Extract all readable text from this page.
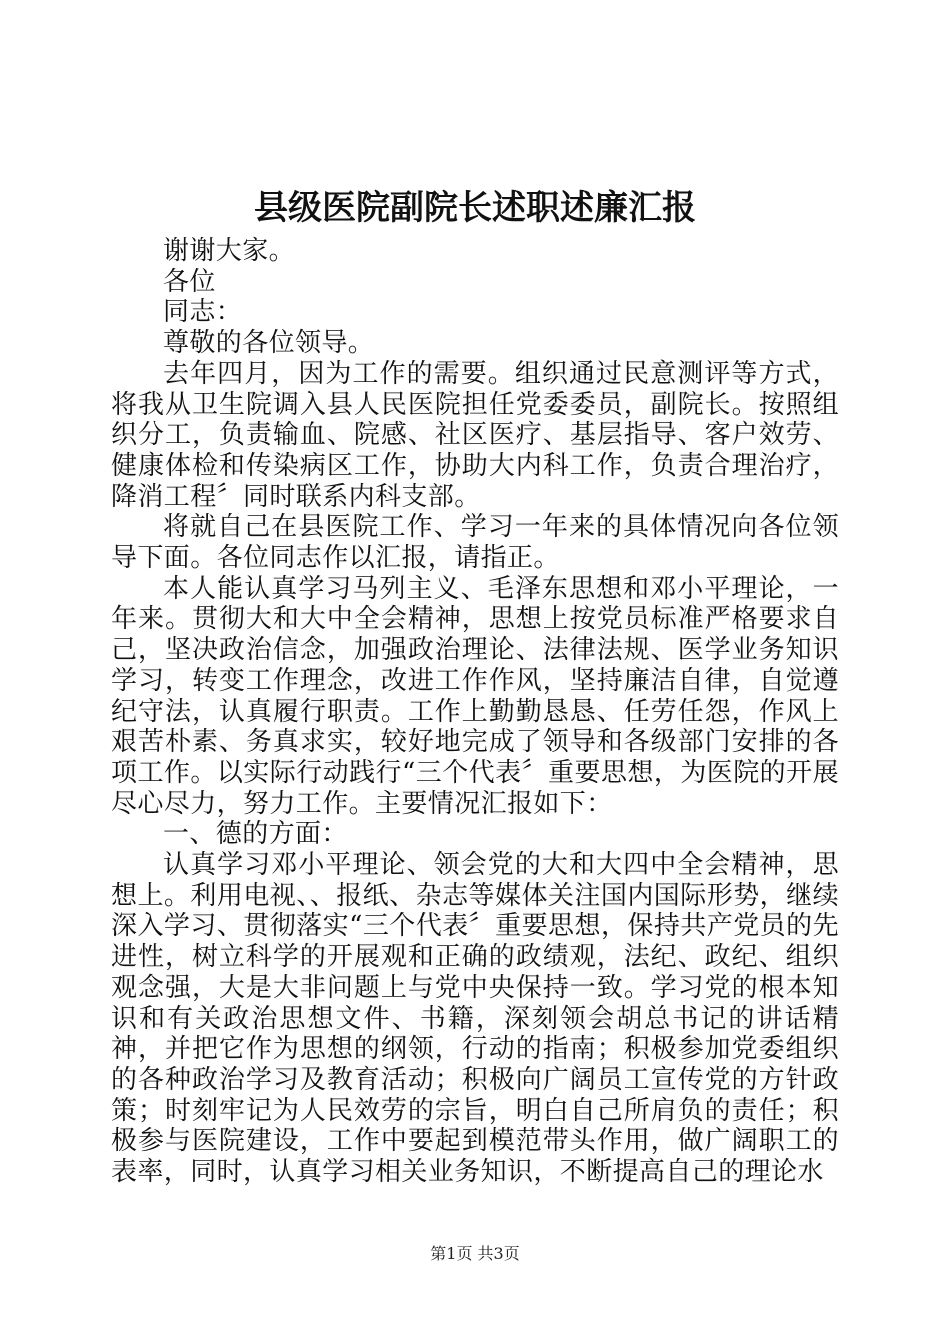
县级医院副院长述职述廉汇报

谢谢大家。

各位

同志：

尊敬的各位领导。

去年四月，因为工作的需要。组织通过民意测评等方式，将我从卫生院调入县人民医院担任党委委员，副院长。按照组织分工，负责输血、院感、社区医疗、基层指导、客户效劳、健康体检和传染病区工作，协助大内科工作，负责合理治疗，降消工程〞同时联系内科支部。

将就自己在县医院工作、学习一年来的具体情况向各位领导下面。各位同志作以汇报，请指正。

本人能认真学习马列主义、毛泽东思想和邓小平理论，一年来。贯彻大和大中全会精神，思想上按党员标准严格要求自己，坚决政治信念，加强政治理论、法律法规、医学业务知识学习，转变工作理念，改进工作作风，坚持廉洁自律，自觉遵纪守法，认真履行职责。工作上勤勤恳恳、任劳任怨，作风上艰苦朴素、务真求实，较好地完成了领导和各级部门安排的各项工作。以实际行动践行“三个代表〞重要思想，为医院的开展尽心尽力，努力工作。主要情况汇报如下：

一、德的方面：

认真学习邓小平理论、领会党的大和大四中全会精神，思想上。利用电视、、报纸、杂志等媒体关注国内国际形势，继续深入学习、贯彻落实“三个代表〞重要思想，保持共产党员的先进性，树立科学的开展观和正确的政绩观，法纪、政纪、组织观念强，大是大非问题上与党中央保持一致。学习党的根本知识和有关政治思想文件、书籍，深刻领会胡总书记的讲话精神，并把它作为思想的纲领，行动的指南；积极参加党委组织的各种政治学习及教育活动；积极向广阔员工宣传党的方针政策；时刻牢记为人民效劳的宗旨，明白自己所肩负的责任；积极参与医院建设，工作中要起到模范带头作用，做广阔职工的表率，同时，认真学习相关业务知识，不断提高自己的理论水

第1页 共3页
